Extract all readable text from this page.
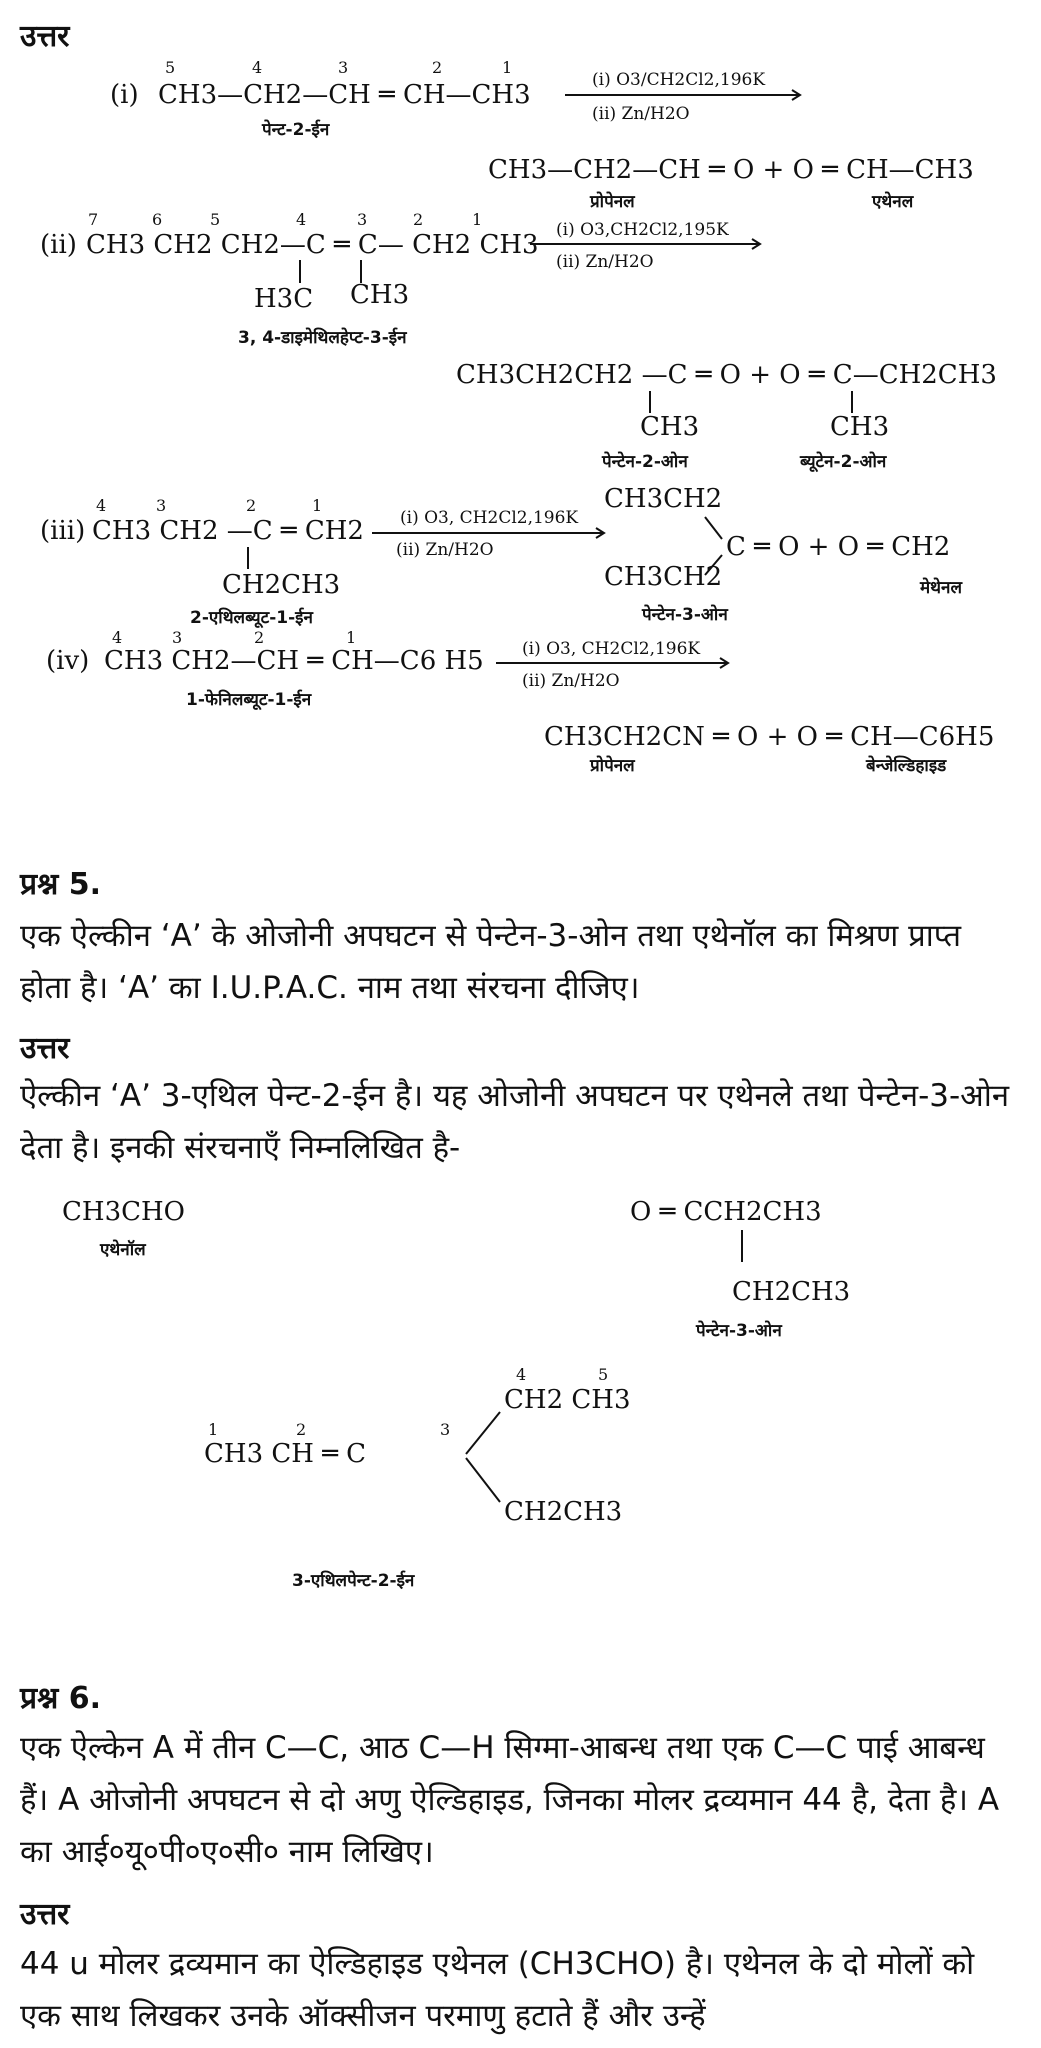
उत्तर
(i)
5	4	3	2	1
CH3—CH2—CH ═ CH—CH3
पेन्ट-2-ईन
(i) O3/CH2Cl2,196K
(ii) Zn/H2O
CH3—CH2—CH ═ O + O ═ CH—CH3
प्रोपेनल	एथेनल
7	6	5	4	3	2	1
(ii) CH3 CH2 CH2—C ═ C— CH2 CH3
H3C CH3
3, 4-डाइमेथिलहेप्ट-3-ईन
(i) O3,CH2Cl2,195K
(ii) Zn/H2O
CH3CH2CH2 —C ═ O + O ═ C—CH2CH3
CH3	CH3
पेन्टेन-2-ओन	ब्यूटेन-2-ओन
4	3	2	1
(iii) CH3 CH2 —C ═ CH2
CH2CH3
2-एथिलब्यूट-1-ईन
(i) O3, CH2Cl2,196K
(ii) Zn/H2O
CH3CH2
CH3CH2
C ═ O + O ═ CH2
पेन्टेन-3-ओन
मेथेनल
4	3	2	1
(iv) CH3 CH2—CH ═ CH—C6 H5
1-फेनिलब्यूट-1-ईन
(i) O3, CH2Cl2,196K
(ii) Zn/H2O
CH3CH2CN ═ O + O ═ CH—C6H5
प्रोपेनल	बेन्जेल्डिहाइड
प्रश्न 5.
एक ऐल्कीन ‘A’ के ओजोनी अपघटन से पेन्टेन-3-ओन तथा एथेनॉल का मिश्रण प्राप्त होता है। ‘A’ का I.U.P.A.C. नाम तथा संरचना दीजिए।
उत्तर
ऐल्कीन ‘A’ 3-एथिल पेन्ट-2-ईन है। यह ओजोनी अपघटन पर एथेनले तथा पेन्टेन-3-ओन देता है। इनकी संरचनाएँ निम्नलिखित है-
CH3CHO
एथेनॉल
O ═ CCH2CH3
CH2CH3
पेन्टेन-3-ओन
1	2	3
4	5
CH3 CH ═ C
CH2 CH3
CH2CH3
3-एथिलपेन्ट-2-ईन
प्रश्न 6.
एक ऐल्केन A में तीन C—C, आठ C—H सिग्मा-आबन्ध तथा एक C—C पाई आबन्ध हैं। A ओजोनी अपघटन से दो अणु ऐल्डिहाइड, जिनका मोलर द्रव्यमान 44 है, देता है। A का आई०यू०पी०ए०सी० नाम लिखिए।
उत्तर
44 u मोलर द्रव्यमान का ऐल्डिहाइड एथेनल (CH3CHO) है। एथेनल के दो मोलों को एक साथ लिखकर उनके ऑक्सीजन परमाणु हटाते हैं और उन्हें
